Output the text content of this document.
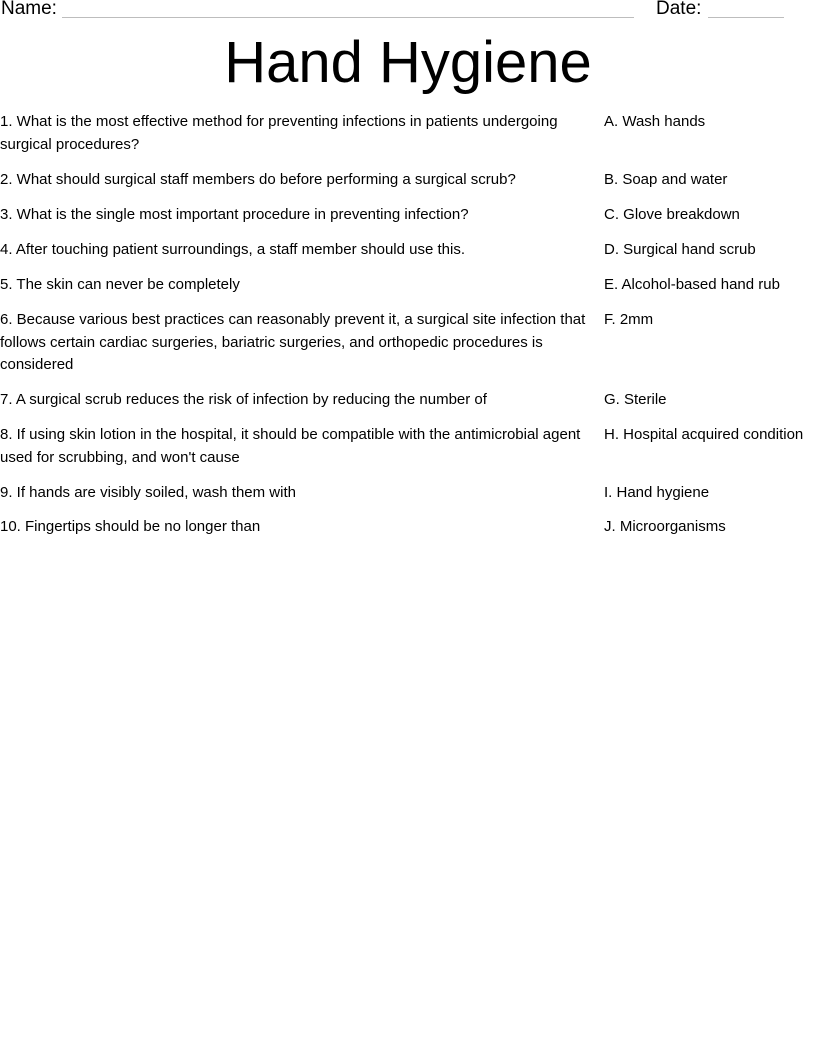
Name:	Date:
Hand Hygiene
1. What is the most effective method for preventing infections in patients undergoing surgical procedures?
2. What should surgical staff members do before performing a surgical scrub?
3. What is the single most important procedure in preventing infection?
4. After touching patient surroundings, a staff member should use this.
5. The skin can never be completely
6. Because various best practices can reasonably prevent it, a surgical site infection that follows certain cardiac surgeries, bariatric surgeries, and orthopedic procedures is considered
7. A surgical scrub reduces the risk of infection by reducing the number of
8. If using skin lotion in the hospital, it should be compatible with the antimicrobial agent used for scrubbing, and won't cause
9. If hands are visibly soiled, wash them with
10. Fingertips should be no longer than
A. Wash hands
B. Soap and water
C. Glove breakdown
D. Surgical hand scrub
E. Alcohol-based hand rub
F. 2mm
G. Sterile
H. Hospital acquired condition
I. Hand hygiene
J. Microorganisms
